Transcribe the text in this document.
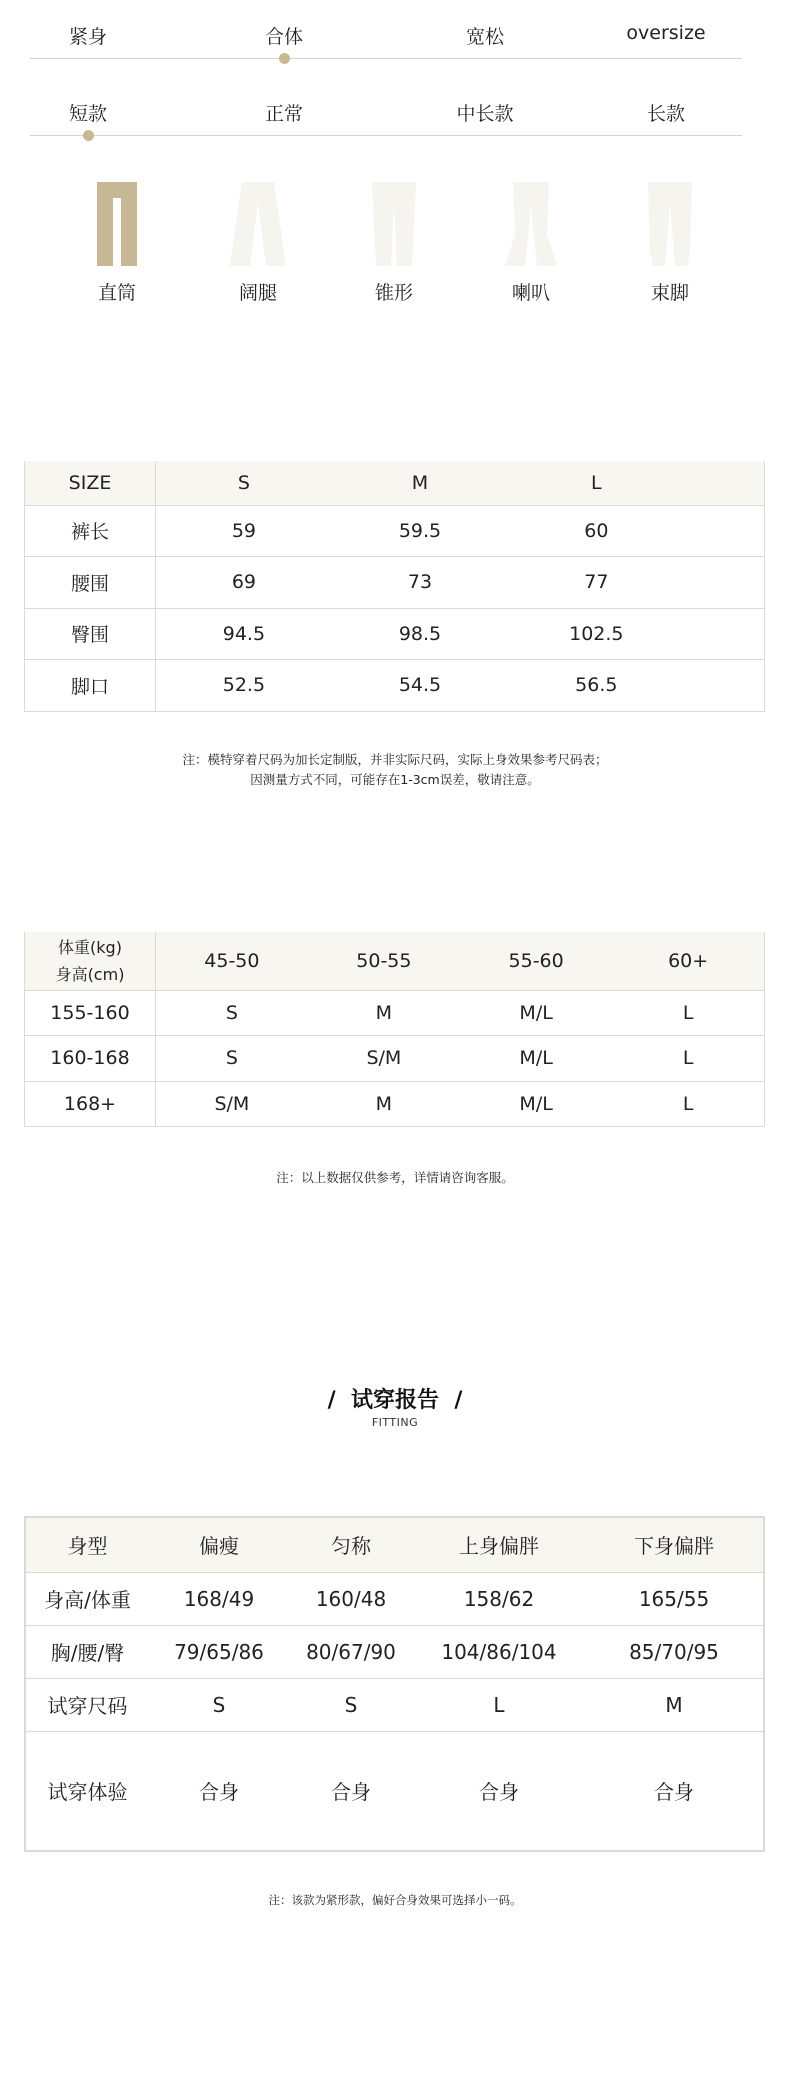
紧身	合体	宽松	oversize
短款	正常	中长款	长款
直筒	阔腿	锥形	喇叭	束脚
SIZE	S	M	L	
裤长	59	59.5	60	
腰围	69	73	77	
臀围	94.5	98.5	102.5	
脚口	52.5	54.5	56.5	
注：模特穿着尺码为加长定制版，并非实际尺码，实际上身效果参考尺码表；
因测量方式不同，可能存在1-3cm误差，敬请注意。
体重(kg)
身高(cm)	45-50	50-55	55-60	60+
155-160	S	M	M/L	L
160-168	S	S/M	M/L	L
168+	S/M	M	M/L	L
注：以上数据仅供参考，详情请咨询客服。
/ 试穿报告 /
FITTING
身型	偏瘦	匀称	上身偏胖	下身偏胖
身高/体重	168/49	160/48	158/62	165/55
胸/腰/臀	79/65/86	80/67/90	104/86/104	85/70/95
试穿尺码	S	S	L	M
试穿体验	合身	合身	合身	合身
注：该款为紧形款，偏好合身效果可选择小一码。
